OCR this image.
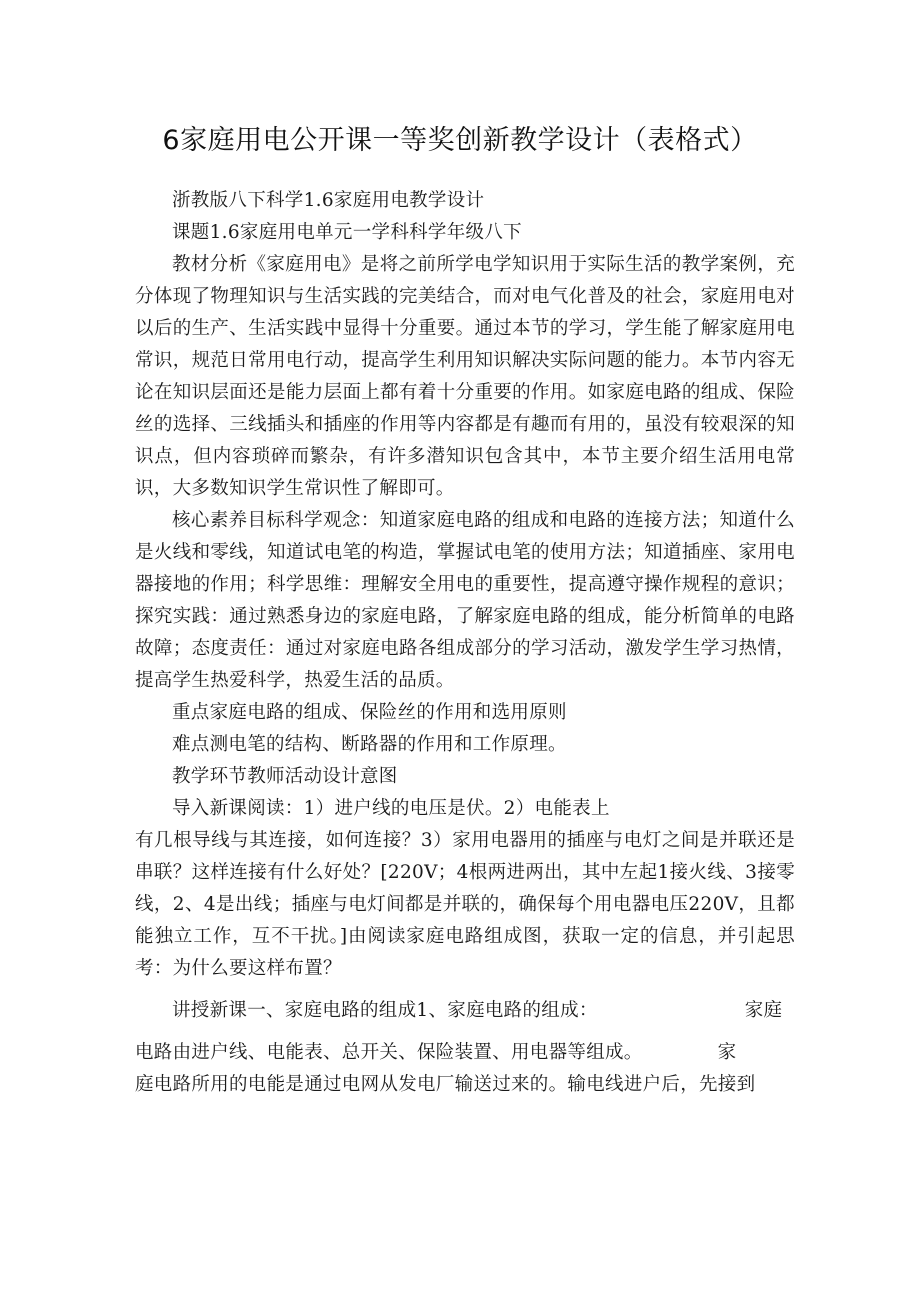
6家庭用电公开课一等奖创新教学设计（表格式）

浙教版八下科学1.6家庭用电教学设计

课题1.6家庭用电单元一学科科学年级八下

教材分析《家庭用电》是将之前所学电学知识用于实际生活的教学案例，充分体现了物理知识与生活实践的完美结合，而对电气化普及的社会，家庭用电对以后的生产、生活实践中显得十分重要。通过本节的学习，学生能了解家庭用电常识，规范日常用电行动，提高学生利用知识解决实际问题的能力。本节内容无论在知识层面还是能力层面上都有着十分重要的作用。如家庭电路的组成、保险丝的选择、三线插头和插座的作用等内容都是有趣而有用的，虽没有较艰深的知识点，但内容琐碎而繁杂，有许多潜知识包含其中，本节主要介绍生活用电常识，大多数知识学生常识性了解即可。

核心素养目标科学观念：知道家庭电路的组成和电路的连接方法；知道什么是火线和零线，知道试电笔的构造，掌握试电笔的使用方法；知道插座、家用电器接地的作用；科学思维：理解安全用电的重要性，提高遵守操作规程的意识；探究实践：通过熟悉身边的家庭电路，了解家庭电路的组成，能分析简单的电路故障；态度责任：通过对家庭电路各组成部分的学习活动，激发学生学习热情，提高学生热爱科学，热爱生活的品质。

重点家庭电路的组成、保险丝的作用和选用原则

难点测电笔的结构、断路器的作用和工作原理。

教学环节教师活动设计意图

导入新课阅读：1）进户线的电压是伏。2）电能表上

有几根导线与其连接，如何连接？3）家用电器用的插座与电灯之间是并联还是串联？这样连接有什么好处？[220V；4根两进两出，其中左起1接火线、3接零线，2、4是出线；插座与电灯间都是并联的，确保每个用电器电压220V，且都能独立工作，互不干扰。]由阅读家庭电路组成图，获取一定的信息，并引起思考：为什么要这样布置？

讲授新课一、家庭电路的组成1、家庭电路的组成：	家庭

电路由进户线、电能表、总开关、保险装置、用电器等组成。	家

庭电路所用的电能是通过电网从发电厂输送过来的。输电线进户后，先接到
